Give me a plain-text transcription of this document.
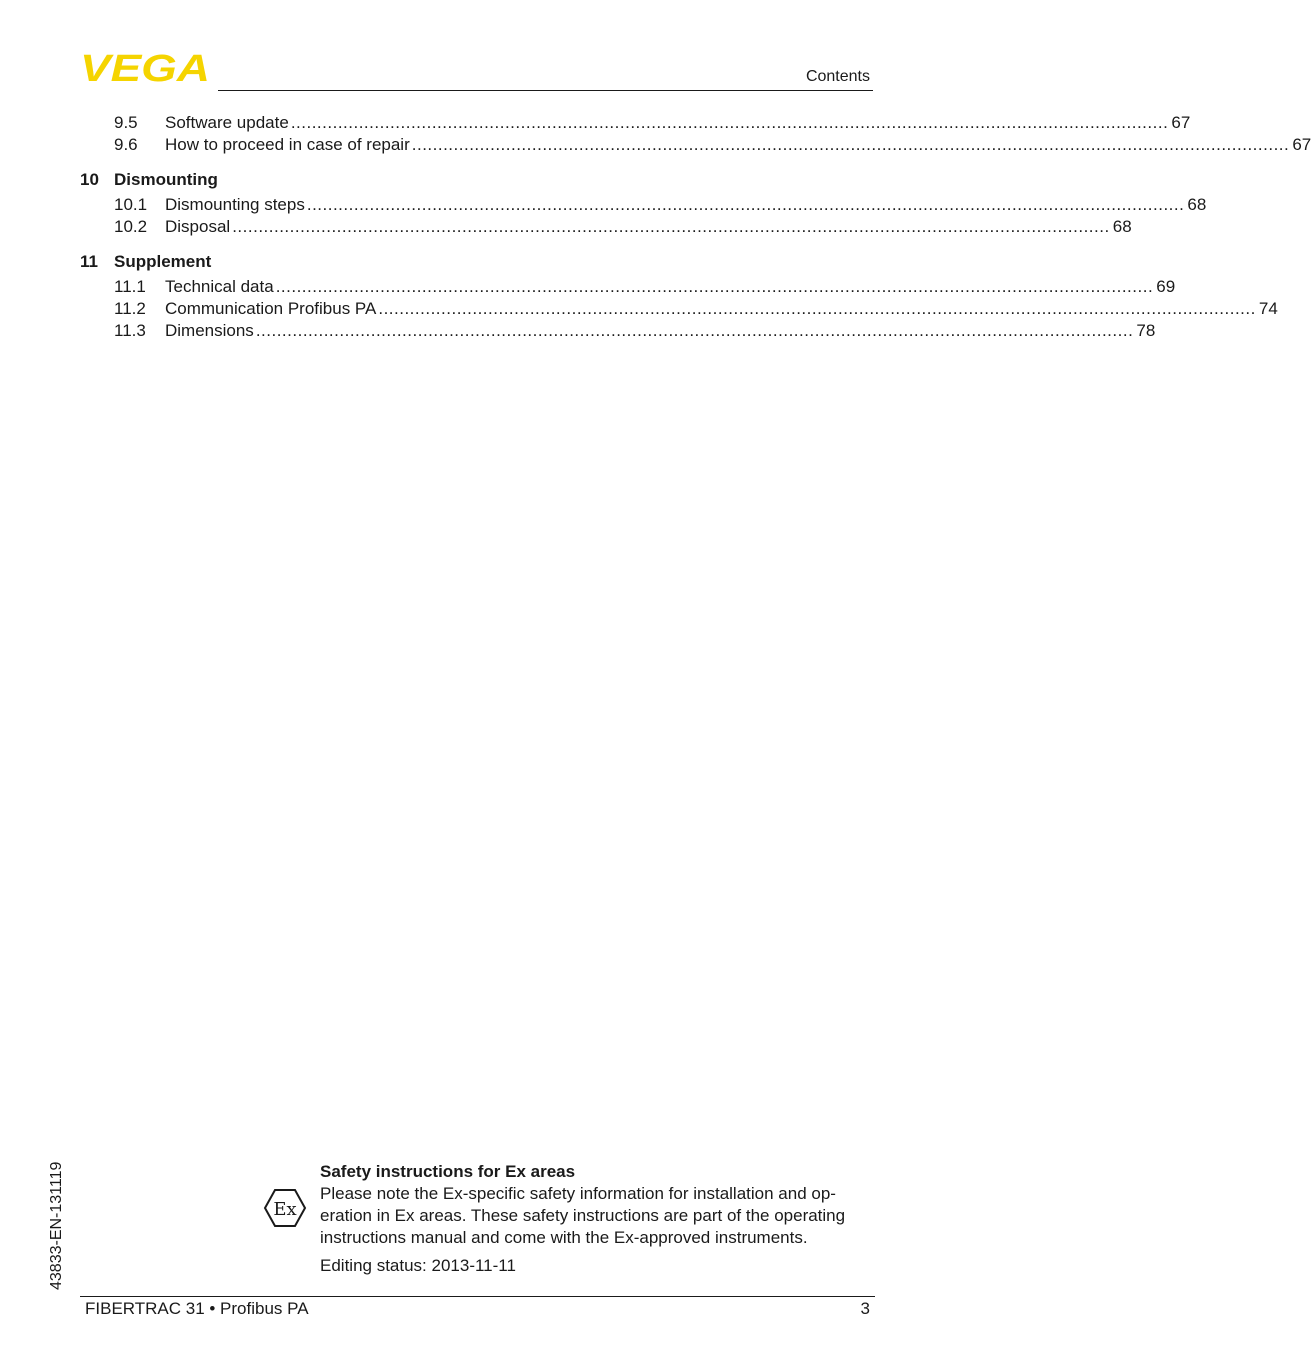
VEGA	Contents
9.5	Software update ........................................................................................................................................................................ 67
9.6	How to proceed in case of repair ........................................................................................................................................................................ 67
10 Dismounting
10.1	Dismounting steps ........................................................................................................................................................................ 68
10.2	Disposal ........................................................................................................................................................................ 68
11 Supplement
11.1	Technical data ........................................................................................................................................................................ 69
11.2	Communication Profibus PA ........................................................................................................................................................................ 74
11.3	Dimensions ........................................................................................................................................................................ 78
43833-EN-131119	Ex
Safety instructions for Ex areas
Please note the Ex-specific safety information for installation and op-
eration in Ex areas. These safety instructions are part of the operating
instructions manual and come with the Ex-approved instruments.
Editing status: 2013-11-11
FIBERTRAC 31 • Profibus PA	3
